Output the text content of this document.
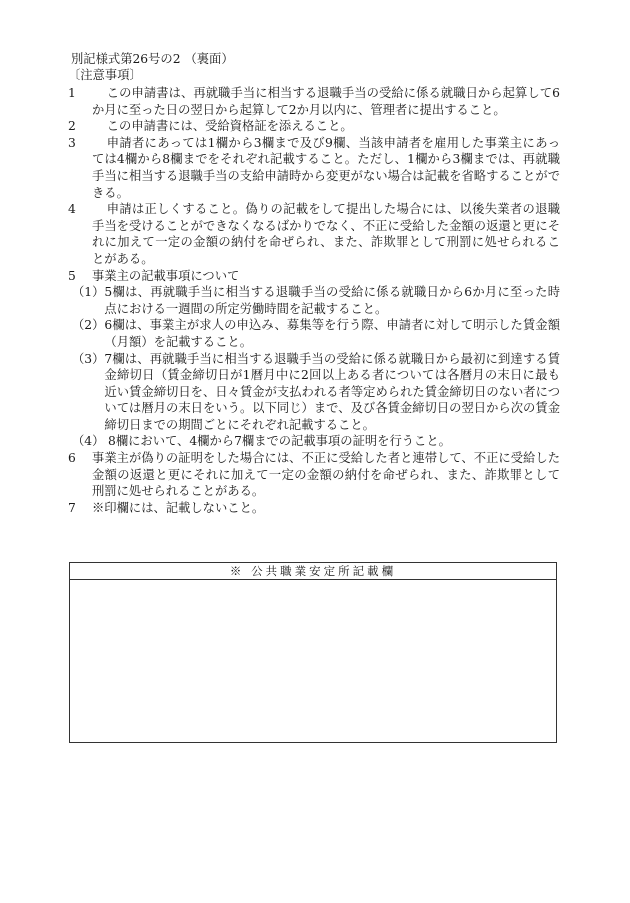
別記様式第26号の2 （裏面）
〔注意事項〕
1	この申請書は、再就職手当に相当する退職手当の受給に係る就職日から起算して6か月に至った日の翌日から起算して2か月以内に、管理者に提出すること。
2	この申請書には、受給資格証を添えること。
3	申請者にあっては1欄から3欄まで及び9欄、当該申請者を雇用した事業主にあっては4欄から8欄までをそれぞれ記載すること。ただし、1欄から3欄までは、再就職手当に相当する退職手当の支給申請時から変更がない場合は記載を省略することができる。
4	申請は正しくすること。偽りの記載をして提出した場合には、以後失業者の退職手当を受けることができなくなるばかりでなく、不正に受給した金額の返還と更にそれに加えて一定の金額の納付を命ぜられ、また、詐欺罪として刑罰に処せられることがある。
5	事業主の記載事項について
（1） 5欄は、再就職手当に相当する退職手当の受給に係る就職日から6か月に至った時点における一週間の所定労働時間を記載すること。
（2） 6欄は、事業主が求人の申込み、募集等を行う際、申請者に対して明示した賃金額（月額）を記載すること。
（3） 7欄は、再就職手当に相当する退職手当の受給に係る就職日から最初に到達する賃金締切日（賃金締切日が1暦月中に2回以上ある者については各暦月の末日に最も近い賃金締切日を、日々賃金が支払われる者等定められた賃金締切日のない者については暦月の末日をいう。以下同じ）まで、及び各賃金締切日の翌日から次の賃金締切日までの期間ごとにそれぞれ記載すること。
（4） 8欄において、4欄から7欄までの記載事項の証明を行うこと。
6	事業主が偽りの証明をした場合には、不正に受給した者と連帯して、不正に受給した金額の返還と更にそれに加えて一定の金額の納付を命ぜられ、また、詐欺罪として刑罰に処せられることがある。
7	※印欄には、記載しないこと。
※ 公共職業安定所記載欄
